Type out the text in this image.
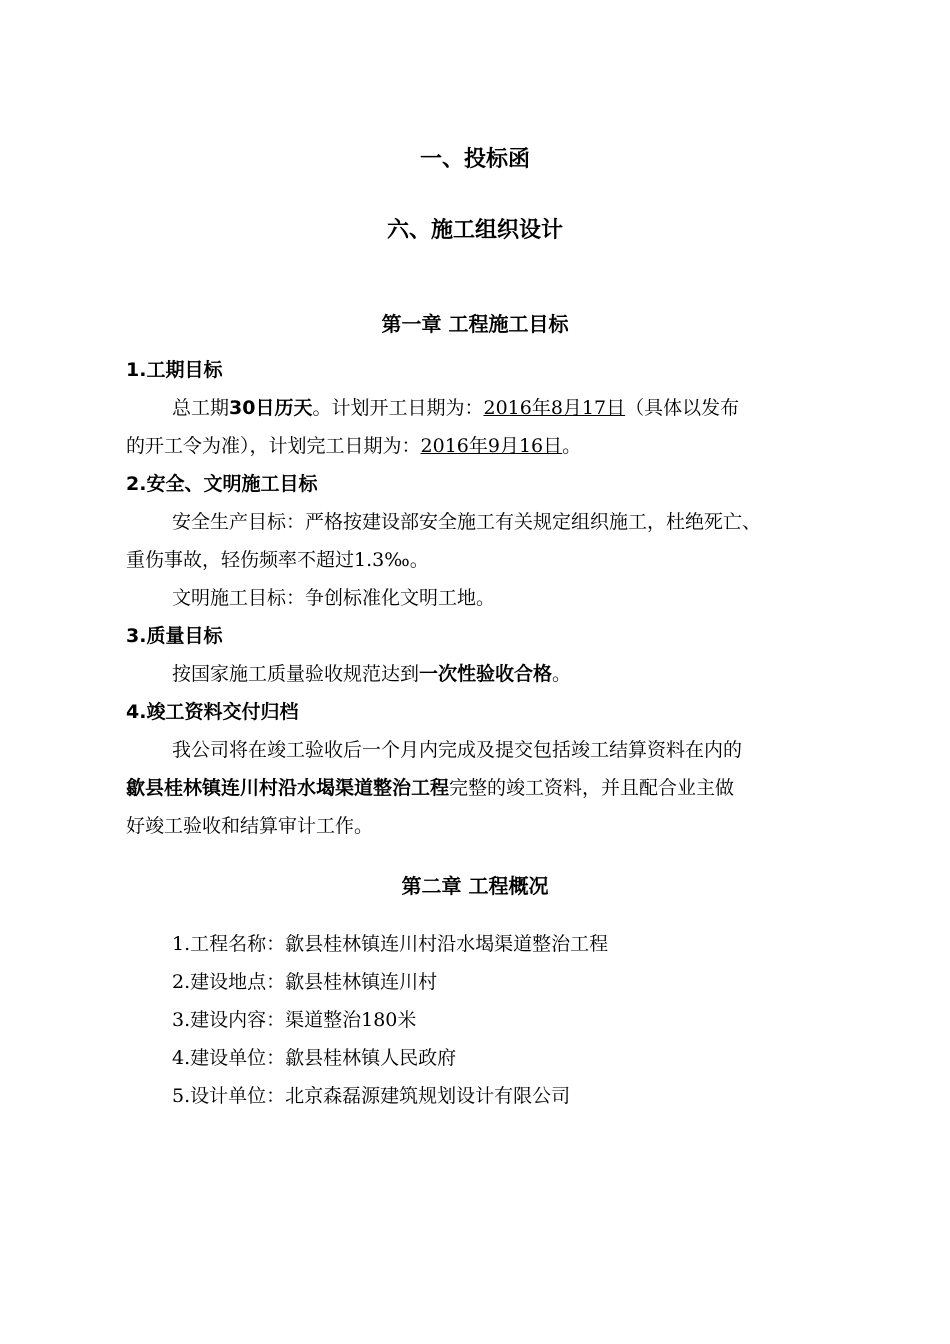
一、投标函
六、施工组织设计
第一章 工程施工目标
1.工期目标
总工期30日历天。计划开工日期为：2016年8月17日（具体以发布
的开工令为准），计划完工日期为：2016年9月16日。
2.安全、文明施工目标
安全生产目标：严格按建设部安全施工有关规定组织施工，杜绝死亡、
重伤事故，轻伤频率不超过1.3‰。
文明施工目标：争创标准化文明工地。
3.质量目标
按国家施工质量验收规范达到一次性验收合格。
4.竣工资料交付归档
我公司将在竣工验收后一个月内完成及提交包括竣工结算资料在内的
歙县桂林镇连川村沿水堨渠道整治工程完整的竣工资料，并且配合业主做
好竣工验收和结算审计工作。
第二章 工程概况
1.工程名称：歙县桂林镇连川村沿水堨渠道整治工程
2.建设地点：歙县桂林镇连川村
3.建设内容：渠道整治180米
4.建设单位：歙县桂林镇人民政府
5.设计单位：北京森磊源建筑规划设计有限公司
